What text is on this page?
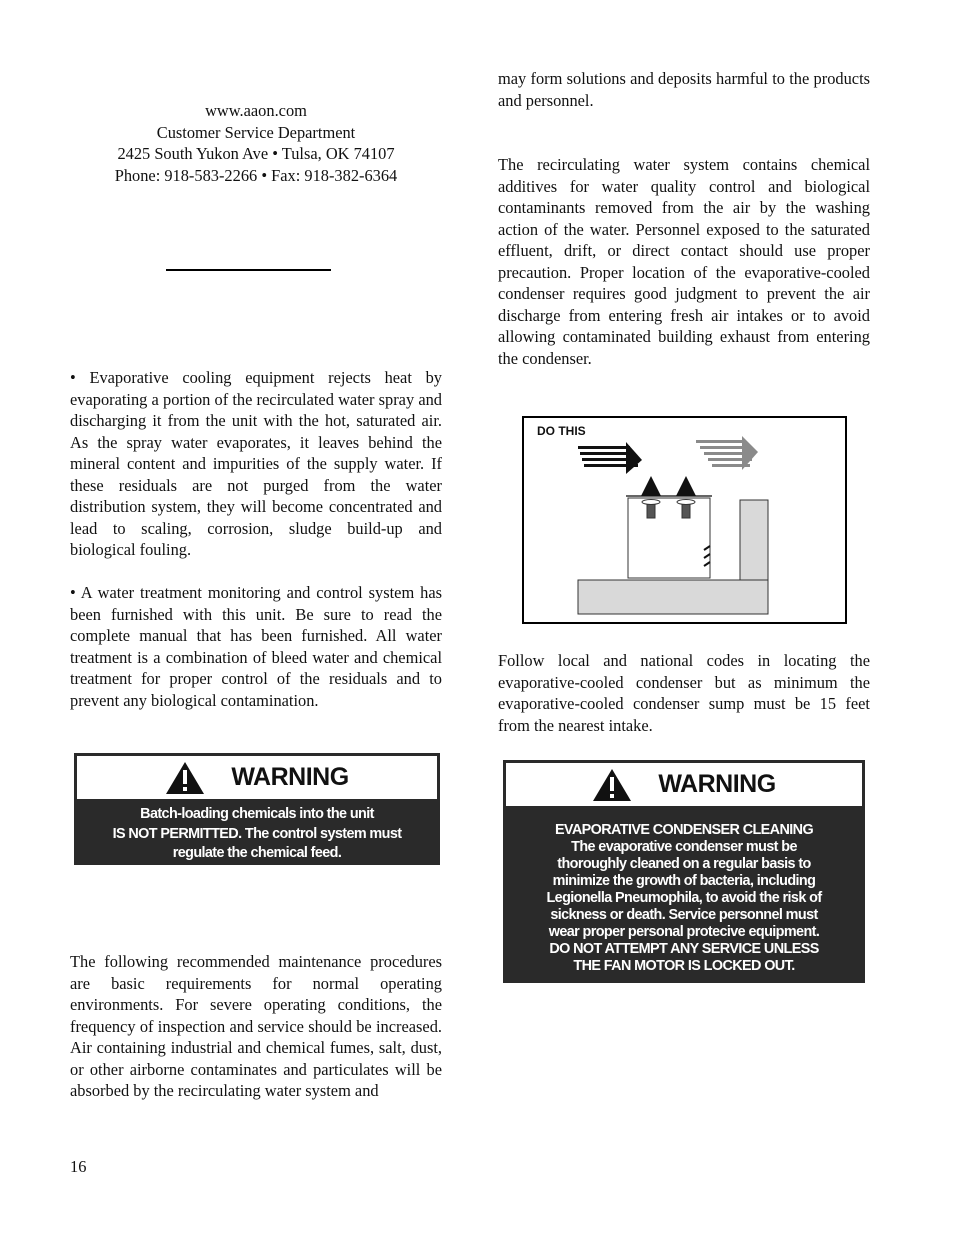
www.aaon.com
Customer Service Department
2425 South Yukon Ave • Tulsa, OK 74107
Phone: 918-583-2266 • Fax: 918-382-6364

• Evaporative cooling equipment rejects heat by evaporating a portion of the recirculated water spray and discharging it from the unit with the hot, saturated air. As the spray water evaporates, it leaves behind the mineral content and impurities of the supply water. If these residuals are not purged from the water distribution system, they will become concentrated and lead to scaling, corrosion, sludge build-up and biological fouling.

• A water treatment monitoring and control system has been furnished with this unit. Be sure to read the complete manual that has been furnished. All water treatment is a combination of bleed water and chemical treatment for proper control of the residuals and to prevent any biological contamination.

WARNING
Batch-loading chemicals into the unit
IS NOT PERMITTED. The control system must
regulate the chemical feed.

The following recommended maintenance procedures are basic requirements for normal operating environments. For severe operating conditions, the frequency of inspection and service should be increased. Air containing industrial and chemical fumes, salt, dust, or other airborne contaminates and particulates will be absorbed by the recirculating water system and

may form solutions and deposits harmful to the products and personnel.

The recirculating water system contains chemical additives for water quality control and biological contaminants removed from the air by the washing action of the water. Personnel exposed to the saturated effluent, drift, or direct contact should use proper precaution. Proper location of the evaporative-cooled condenser requires good judgment to prevent the air discharge from entering fresh air intakes or to avoid allowing contaminated building exhaust from entering the condenser.

DO THIS

Follow local and national codes in locating the evaporative-cooled condenser but as minimum the evaporative-cooled condenser sump must be 15 feet from the nearest intake.

WARNING
EVAPORATIVE CONDENSER CLEANING
The evaporative condenser must be
thoroughly cleaned on a regular basis to
minimize the growth of bacteria, including
Legionella Pneumophila, to avoid the risk of
sickness or death. Service personnel must
wear proper personal protecive equipment.
DO NOT ATTEMPT ANY SERVICE UNLESS
THE FAN MOTOR IS LOCKED OUT.
16
